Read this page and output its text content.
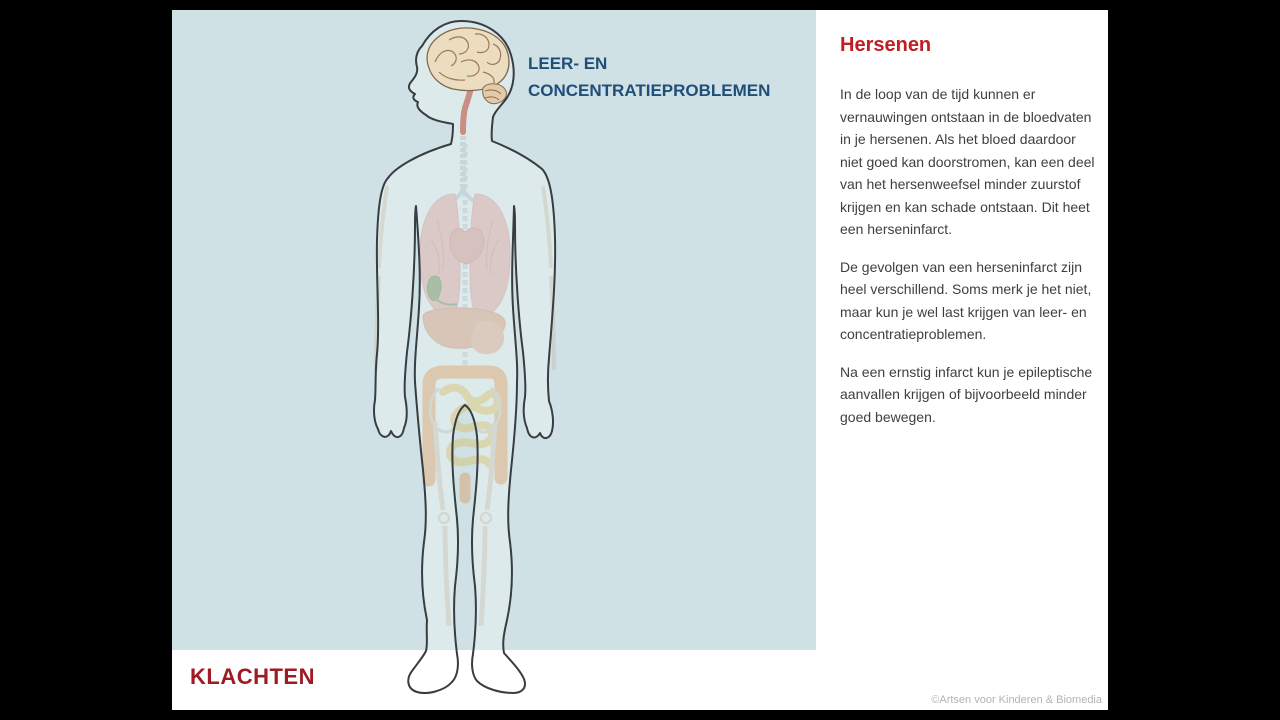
LEER- EN
CONCENTRATIEPROBLEMEN
KLACHTEN
Hersenen

In de loop van de tijd kunnen er vernauwingen ontstaan in de bloedvaten in je hersenen. Als het bloed daardoor niet goed kan doorstromen, kan een deel van het hersenweefsel minder zuurstof krijgen en kan schade ontstaan. Dit heet een herseninfarct.

De gevolgen van een herseninfarct zijn heel verschillend. Soms merk je het niet, maar kun je wel last krijgen van leer- en concentratieproblemen.

Na een ernstig infarct kun je epileptische aanvallen krijgen of bijvoorbeeld minder goed bewegen.

©Artsen voor Kinderen & Biomedia
